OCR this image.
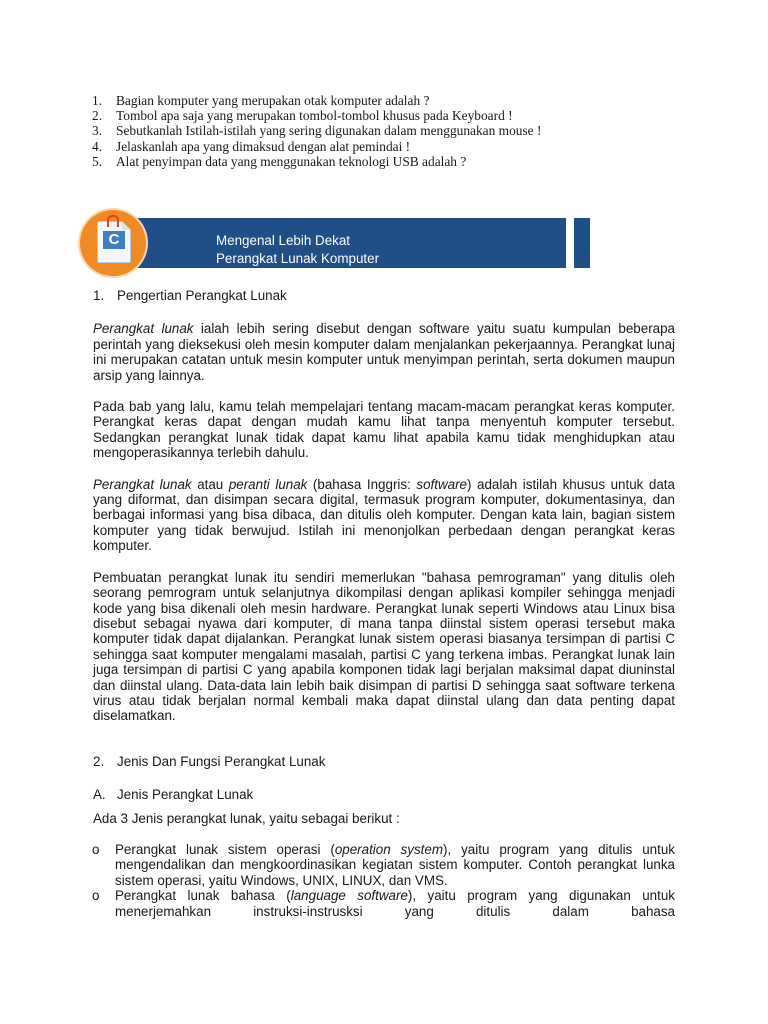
1.	Bagian komputer yang merupakan otak komputer adalah ?
2.	Tombol apa saja yang merupakan tombol-tombol khusus pada Keyboard !
3.	Sebutkanlah Istilah-istilah yang sering digunakan dalam menggunakan mouse !
4.	Jelaskanlah apa yang dimaksud dengan alat pemindai !
5.	Alat penyimpan data yang menggunakan teknologi USB adalah ?
Mengenal Lebih Dekat
Perangkat Lunak Komputer
C

1. Pengertian Perangkat Lunak

Perangkat lunak ialah lebih sering disebut dengan software yaitu suatu kumpulan beberapa perintah yang dieksekusi oleh mesin komputer dalam menjalankan pekerjaannya. Perangkat lunaj ini merupakan catatan untuk mesin komputer untuk menyimpan perintah, serta dokumen maupun arsip yang lainnya.

Pada bab yang lalu, kamu telah mempelajari tentang macam-macam perangkat keras komputer. Perangkat keras dapat dengan mudah kamu lihat tanpa menyentuh komputer tersebut. Sedangkan perangkat lunak tidak dapat kamu lihat apabila kamu tidak menghidupkan atau mengoperasikannya terlebih dahulu.

Perangkat lunak atau peranti lunak (bahasa Inggris: software) adalah istilah khusus untuk data yang diformat, dan disimpan secara digital, termasuk program komputer, dokumentasinya, dan berbagai informasi yang bisa dibaca, dan ditulis oleh komputer. Dengan kata lain, bagian sistem komputer yang tidak berwujud. Istilah ini menonjolkan perbedaan dengan perangkat keras komputer.

Pembuatan perangkat lunak itu sendiri memerlukan "bahasa pemrograman" yang ditulis oleh seorang pemrogram untuk selanjutnya dikompilasi dengan aplikasi kompiler sehingga menjadi kode yang bisa dikenali oleh mesin hardware. Perangkat lunak seperti Windows atau Linux bisa disebut sebagai nyawa dari komputer, di mana tanpa diinstal sistem operasi tersebut maka komputer tidak dapat dijalankan. Perangkat lunak sistem operasi biasanya tersimpan di partisi C sehingga saat komputer mengalami masalah, partisi C yang terkena imbas. Perangkat lunak lain juga tersimpan di partisi C yang apabila komponen tidak lagi berjalan maksimal dapat diuninstal dan diinstal ulang. Data-data lain lebih baik disimpan di partisi D sehingga saat software terkena virus atau tidak berjalan normal kembali maka dapat diinstal ulang dan data penting dapat diselamatkan.

2. Jenis Dan Fungsi Perangkat Lunak

A. Jenis Perangkat Lunak

Ada 3 Jenis perangkat lunak, yaitu sebagai berikut :

o	Perangkat lunak sistem operasi (operation system), yaitu program yang ditulis untuk mengendalikan dan mengkoordinasikan kegiatan sistem komputer. Contoh perangkat lunka sistem operasi, yaitu Windows, UNIX, LINUX, dan VMS.
o	Perangkat lunak bahasa (language software), yaitu program yang digunakan untuk menerjemahkan instruksi-instrusksi yang ditulis dalam bahasa
